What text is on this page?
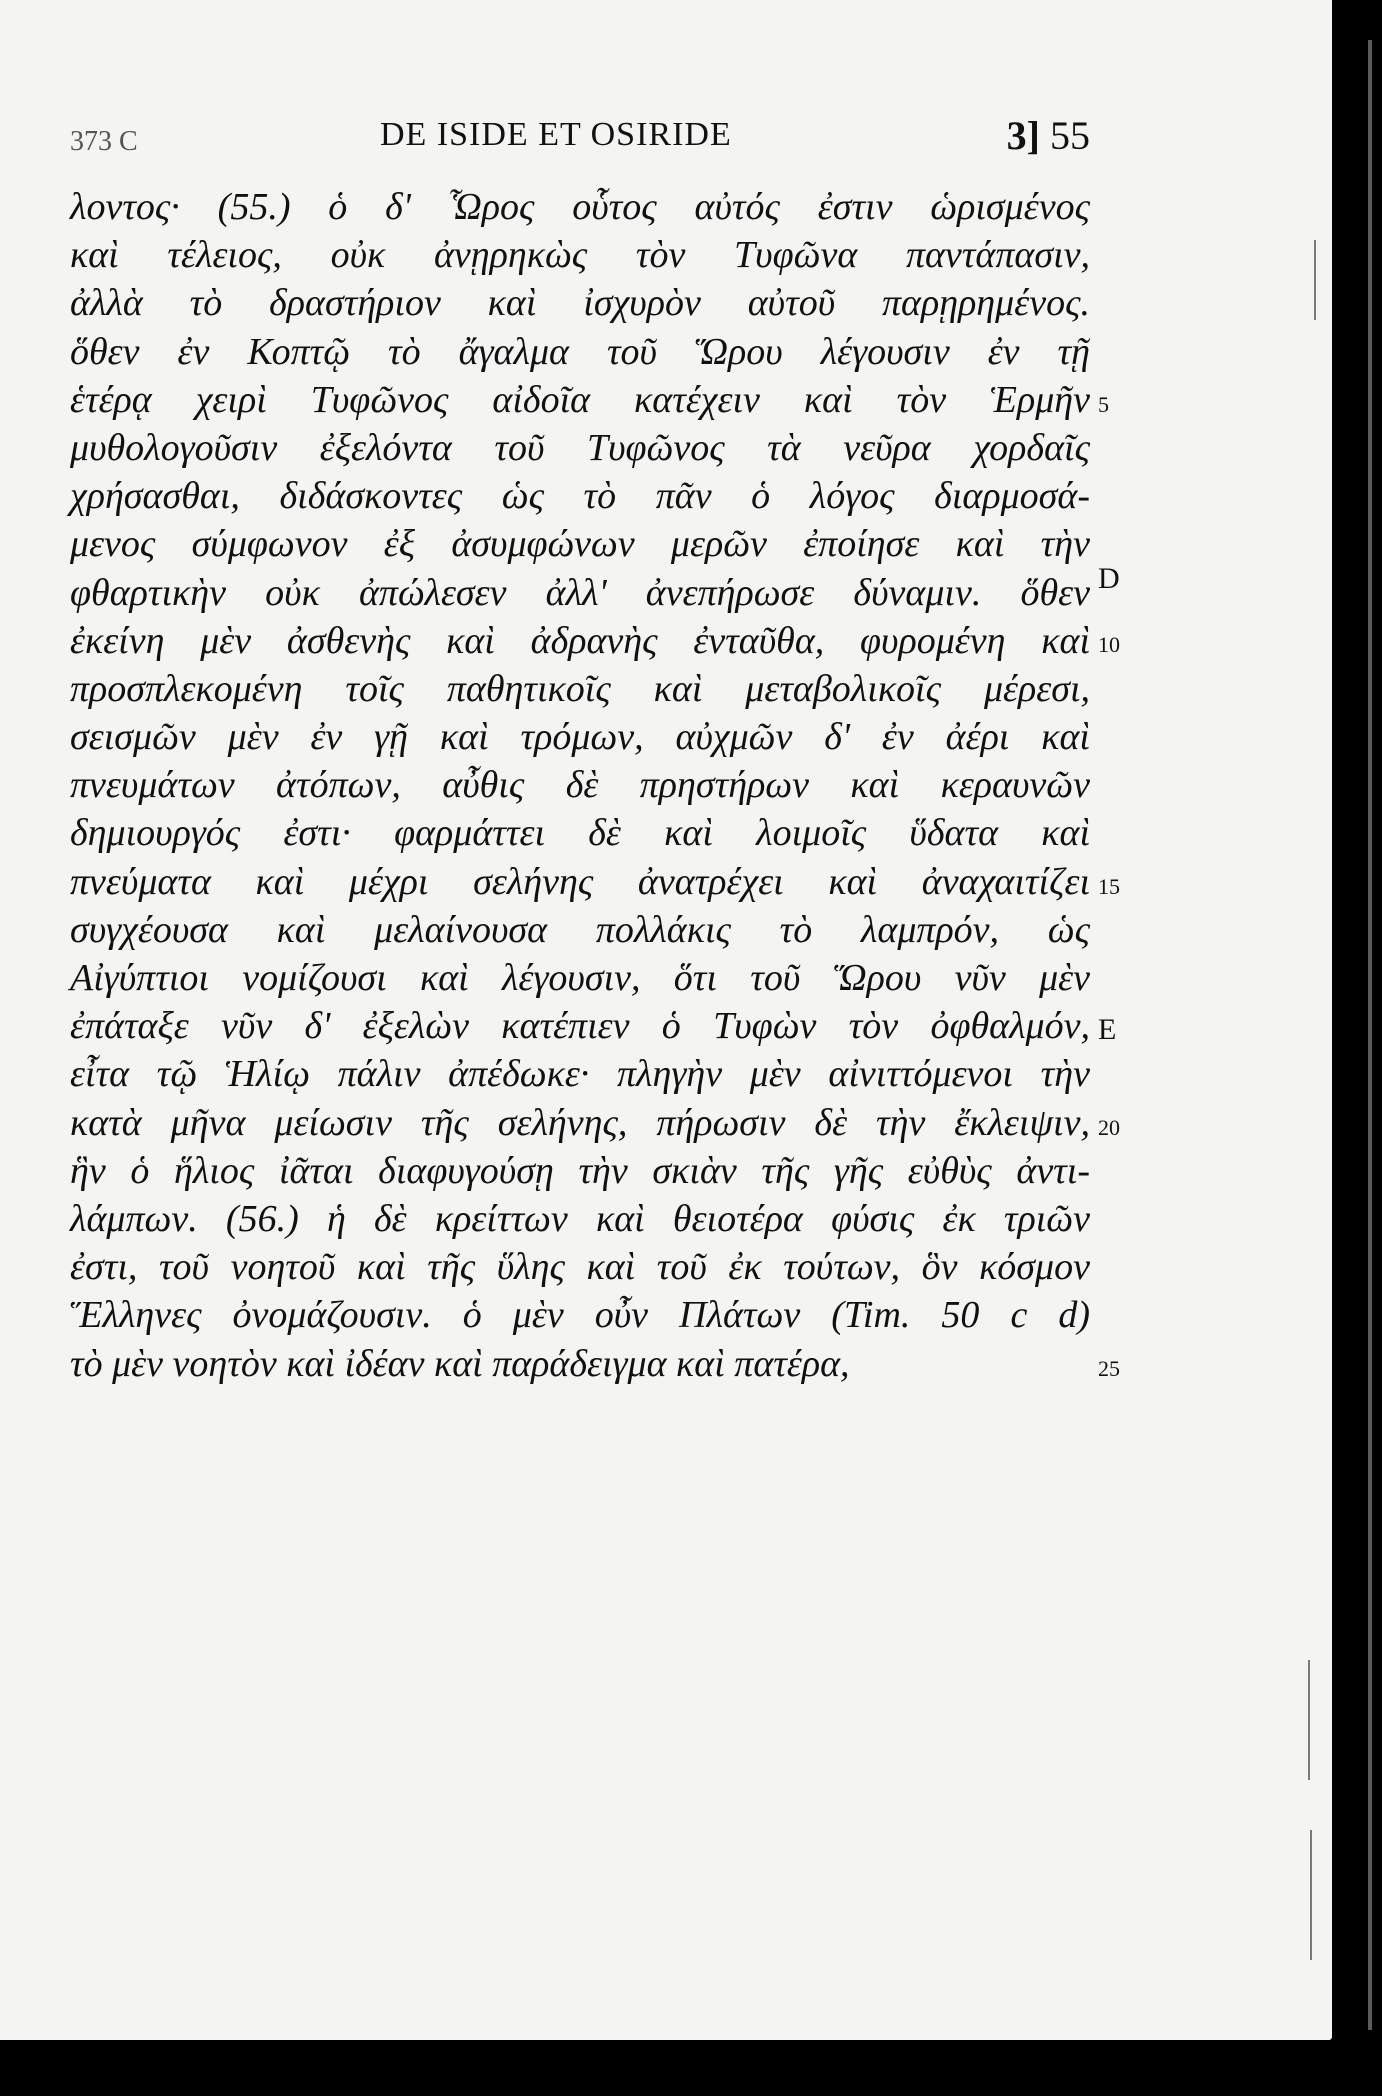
373 C	DE ISIDE ET OSIRIDE	3] 55
λοντος· (55.) ὁ δ' Ὧρος οὗτος αὐτός ἐστιν ὡρισμένος
καὶ τέλειος, οὐκ ἀνῃρηκὼς τὸν Τυφῶνα παντάπασιν,
ἀλλὰ τὸ δραστήριον καὶ ἰσχυρὸν αὐτοῦ παρῃρημένος.
ὅθεν ἐν Κοπτῷ τὸ ἄγαλμα τοῦ Ὥρου λέγουσιν ἐν τῇ
ἑτέρᾳ χειρὶ Τυφῶνος αἰδοῖα κατέχειν καὶ τὸν Ἑρμῆν
μυθολογοῦσιν ἐξελόντα τοῦ Τυφῶνος τὰ νεῦρα χορδαῖς
χρήσασθαι, διδάσκοντες ὡς τὸ πᾶν ὁ λόγος διαρμοσά-
μενος σύμφωνον ἐξ ἀσυμφώνων μερῶν ἐποίησε καὶ τὴν
φθαρτικὴν οὐκ ἀπώλεσεν ἀλλ' ἀνεπήρωσε δύναμιν. ὅθεν
ἐκείνη μὲν ἀσθενὴς καὶ ἀδρανὴς ἐνταῦθα, φυρομένη καὶ
προσπλεκομένη τοῖς παθητικοῖς καὶ μεταβολικοῖς μέρεσι,
σεισμῶν μὲν ἐν γῇ καὶ τρόμων, αὐχμῶν δ' ἐν ἀέρι καὶ
πνευμάτων ἀτόπων, αὖθις δὲ πρηστήρων καὶ κεραυνῶν
δημιουργός ἐστι· φαρμάττει δὲ καὶ λοιμοῖς ὕδατα καὶ
πνεύματα καὶ μέχρι σελήνης ἀνατρέχει καὶ ἀναχαιτίζει
συγχέουσα καὶ μελαίνουσα πολλάκις τὸ λαμπρόν, ὡς
Αἰγύπτιοι νομίζουσι καὶ λέγουσιν, ὅτι τοῦ Ὥρου νῦν μὲν
ἐπάταξε νῦν δ' ἐξελὼν κατέπιεν ὁ Τυφὼν τὸν ὀφθαλμόν,
εἶτα τῷ Ἡλίῳ πάλιν ἀπέδωκε· πληγὴν μὲν αἰνιττόμενοι τὴν
κατὰ μῆνα μείωσιν τῆς σελήνης, πήρωσιν δὲ τὴν ἔκλειψιν,
ἣν ὁ ἥλιος ἰᾶται διαφυγούσῃ τὴν σκιὰν τῆς γῆς εὐθὺς ἀντι-
λάμπων. (56.) ἡ δὲ κρείττων καὶ θειοτέρα φύσις ἐκ τριῶν
ἐστι, τοῦ νοητοῦ καὶ τῆς ὕλης καὶ τοῦ ἐκ τούτων, ὃν κόσμον
Ἕλληνες ὀνομάζουσιν. ὁ μὲν οὖν Πλάτων (Tim. 50 c d)
τὸ μὲν νοητὸν καὶ ἰδέαν καὶ παράδειγμα καὶ πατέρα,
5
D
10
15
E
20
25
